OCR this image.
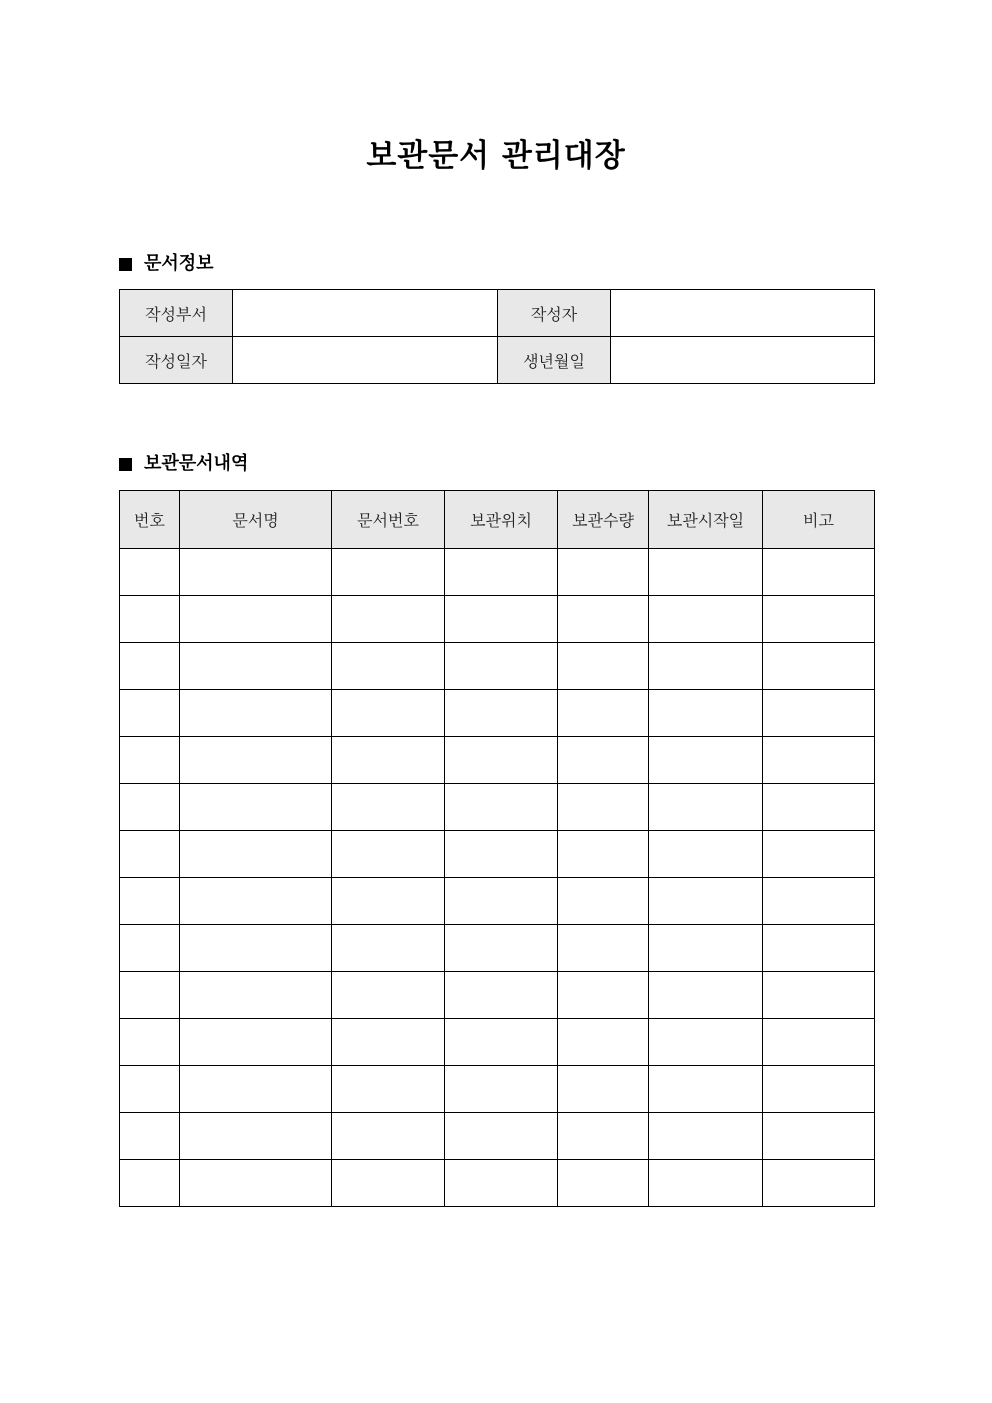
보관문서 관리대장
문서정보
작성부서		작성자	
작성일자		생년월일	
보관문서내역
번호	문서명	문서번호	보관위치	보관수량	보관시작일	비고
